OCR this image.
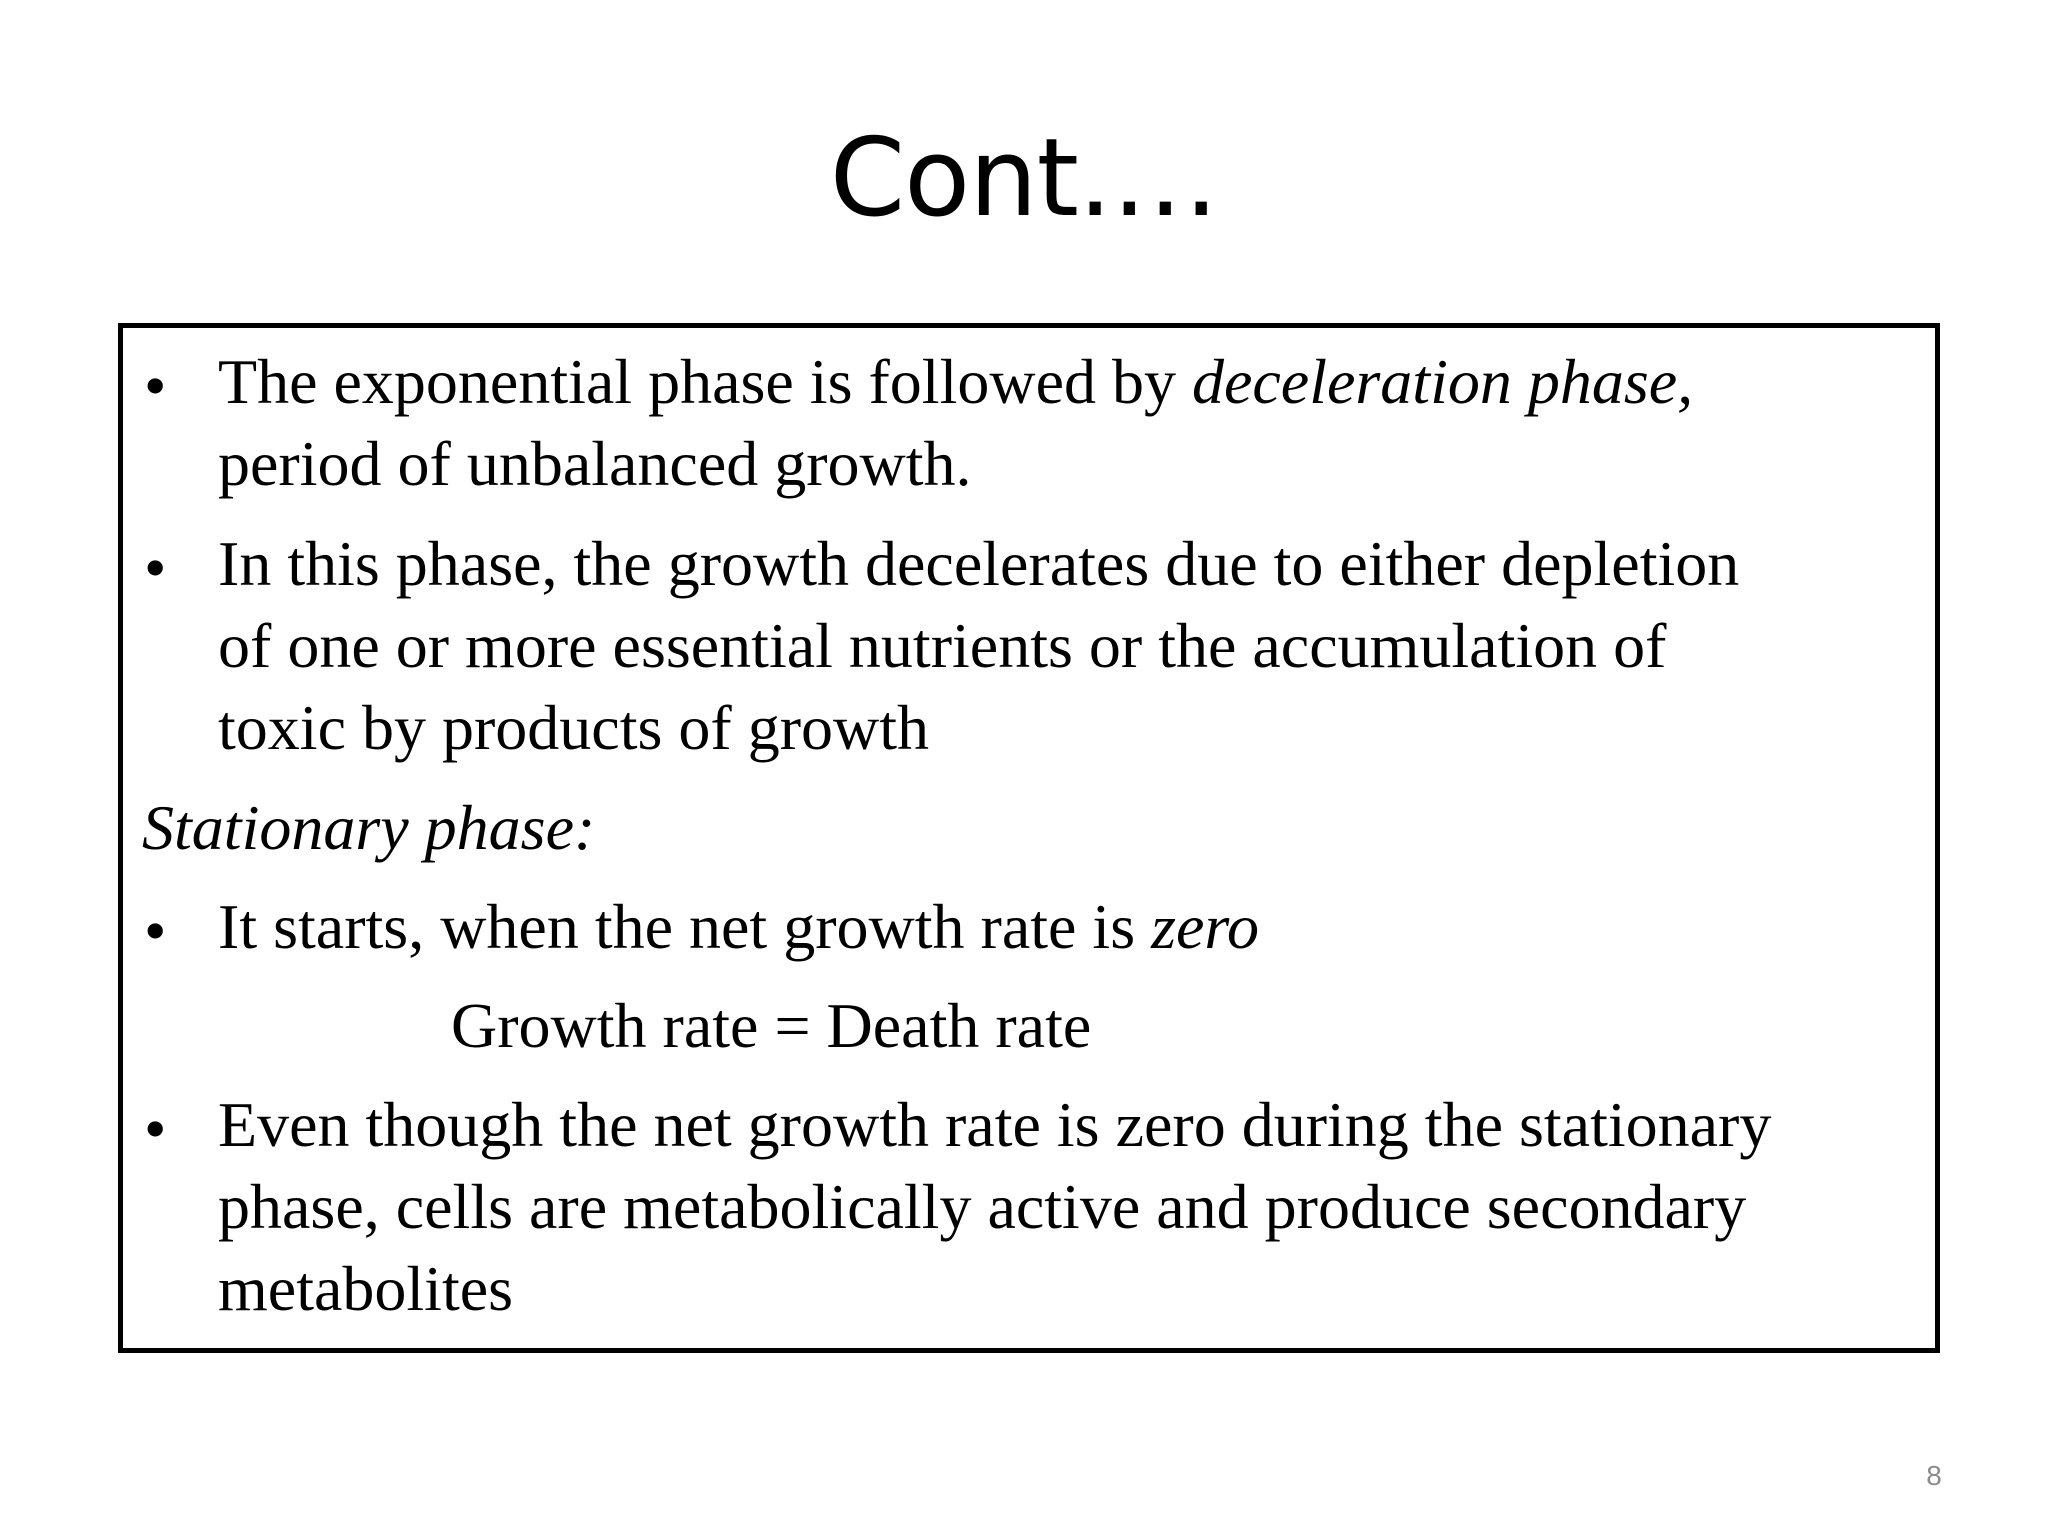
Cont.…
• The exponential phase is followed by deceleration phase,
period of unbalanced growth.
• In this phase, the growth decelerates due to either depletion
of one or more essential nutrients or the accumulation of
toxic by products of growth
Stationary phase:
• It starts, when the net growth rate is zero
Growth rate = Death rate
• Even though the net growth rate is zero during the stationary
phase, cells are metabolically active and produce secondary
metabolites
8
